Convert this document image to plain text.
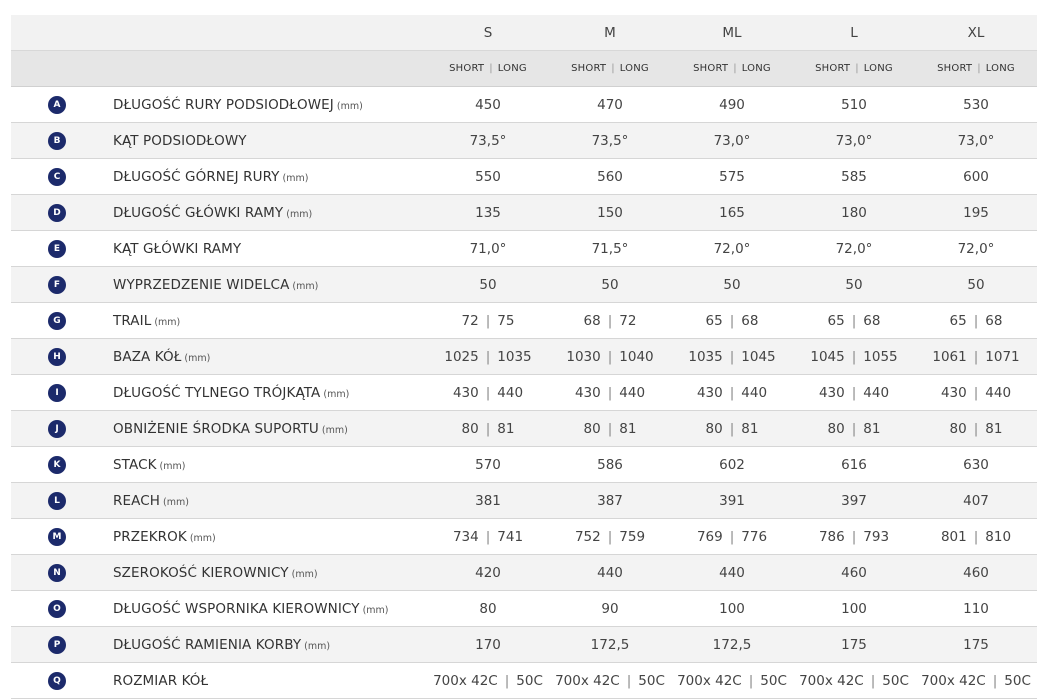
		S	M	ML	L	XL
		SHORT | LONG	SHORT | LONG	SHORT | LONG	SHORT | LONG	SHORT | LONG
A	DŁUGOŚĆ RURY PODSIODŁOWEJ (mm)	450	470	490	510	530
B	KĄT PODSIODŁOWY	73,5°	73,5°	73,0°	73,0°	73,0°
C	DŁUGOŚĆ GÓRNEJ RURY (mm)	550	560	575	585	600
D	DŁUGOŚĆ GŁÓWKI RAMY (mm)	135	150	165	180	195
E	KĄT GŁÓWKI RAMY	71,0°	71,5°	72,0°	72,0°	72,0°
F	WYPRZEDZENIE WIDELCA (mm)	50	50	50	50	50
G	TRAIL (mm)	72 | 75	68 | 72	65 | 68	65 | 68	65 | 68
H	BAZA KÓŁ (mm)	1025 | 1035	1030 | 1040	1035 | 1045	1045 | 1055	1061 | 1071
I	DŁUGOŚĆ TYLNEGO TRÓJKĄTA (mm)	430 | 440	430 | 440	430 | 440	430 | 440	430 | 440
J	OBNIŻENIE ŚRODKA SUPORTU (mm)	80 | 81	80 | 81	80 | 81	80 | 81	80 | 81
K	STACK (mm)	570	586	602	616	630
L	REACH (mm)	381	387	391	397	407
M	PRZEKROK (mm)	734 | 741	752 | 759	769 | 776	786 | 793	801 | 810
N	SZEROKOŚĆ KIEROWNICY (mm)	420	440	440	460	460
O	DŁUGOŚĆ WSPORNIKA KIEROWNICY (mm)	80	90	100	100	110
P	DŁUGOŚĆ RAMIENIA KORBY (mm)	170	172,5	172,5	175	175
Q	ROZMIAR KÓŁ	700x 42C | 50C	700x 42C | 50C	700x 42C | 50C	700x 42C | 50C	700x 42C | 50C
